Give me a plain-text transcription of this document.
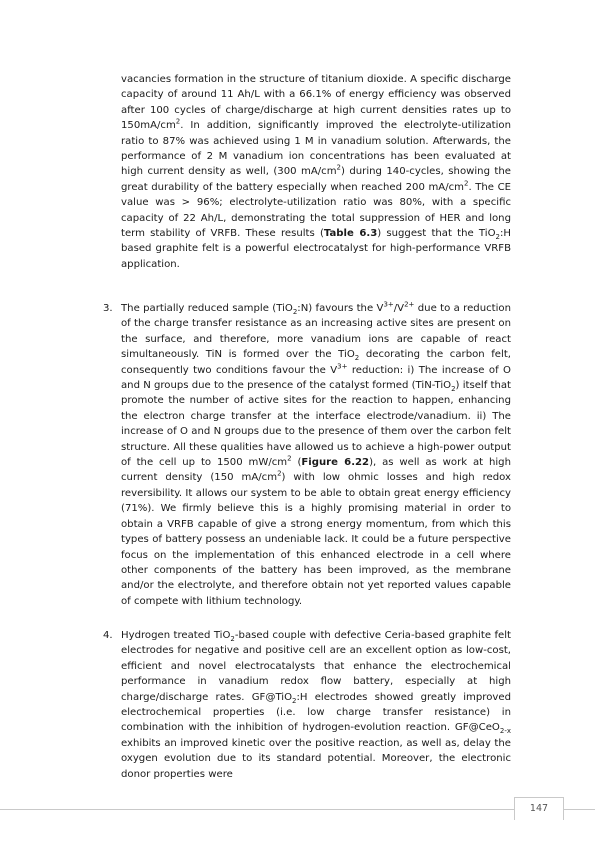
vacancies formation in the structure of titanium dioxide. A specific discharge capacity of around 11 Ah/L with a 66.1% of energy efficiency was observed after 100 cycles of charge/discharge at high current densities rates up to $150mA/cm^2$. In addition, significantly improved the electrolyte-utilization ratio to 87% was achieved using 1 M in vanadium solution. Afterwards, the performance of 2 M vanadium ion concentrations has been evaluated at high current density as well, (300 $mA/cm^2$) during 140-cycles, showing the great durability of the battery especially when reached 200 $mA/cm^2$. The CE value was > 96%; electrolyte-utilization ratio was 80%, with a specific capacity of 22 Ah/L, demonstrating the total suppression of HER and long term stability of VRFB. These results (Table 6.3) suggest that the TiO$_2$:H based graphite felt is a powerful electrocatalyst for high-performance VRFB application.

3. The partially reduced sample (TiO$_2$:N) favours the $V^{3+}/V^{2+}$ due to a reduction of the charge transfer resistance as an increasing active sites are present on the surface, and therefore, more vanadium ions are capable of react simultaneously. TiN is formed over the TiO$_2$ decorating the carbon felt, consequently two conditions favour the $V^{3+}$ reduction: i) The increase of O and N groups due to the presence of the catalyst formed (TiN-TiO$_2$) itself that promote the number of active sites for the reaction to happen, enhancing the electron charge transfer at the interface electrode/vanadium. ii) The increase of O and N groups due to the presence of them over the carbon felt structure. All these qualities have allowed us to achieve a high-power output of the cell up to 1500 $mW/cm^2$ (Figure 6.22), as well as work at high current density (150 $mA/cm^2$) with low ohmic losses and high redox reversibility. It allows our system to be able to obtain great energy efficiency (71%). We firmly believe this is a highly promising material in order to obtain a VRFB capable of give a strong energy momentum, from which this types of battery possess an undeniable lack. It could be a future perspective focus on the implementation of this enhanced electrode in a cell where other components of the battery has been improved, as the membrane and/or the electrolyte, and therefore obtain not yet reported values capable of compete with lithium technology.

4. Hydrogen treated TiO$_2$-based couple with defective Ceria-based graphite felt electrodes for negative and positive cell are an excellent option as low-cost, efficient and novel electrocatalysts that enhance the electrochemical performance in vanadium redox flow battery, especially at high charge/discharge rates. GF@TiO$_2$:H electrodes showed greatly improved electrochemical properties (i.e. low charge transfer resistance) in combination with the inhibition of hydrogen-evolution reaction. GF@CeO$_{2-x}$ exhibits an improved kinetic over the positive reaction, as well as, delay the oxygen evolution due to its standard potential. Moreover, the electronic donor properties were

147
